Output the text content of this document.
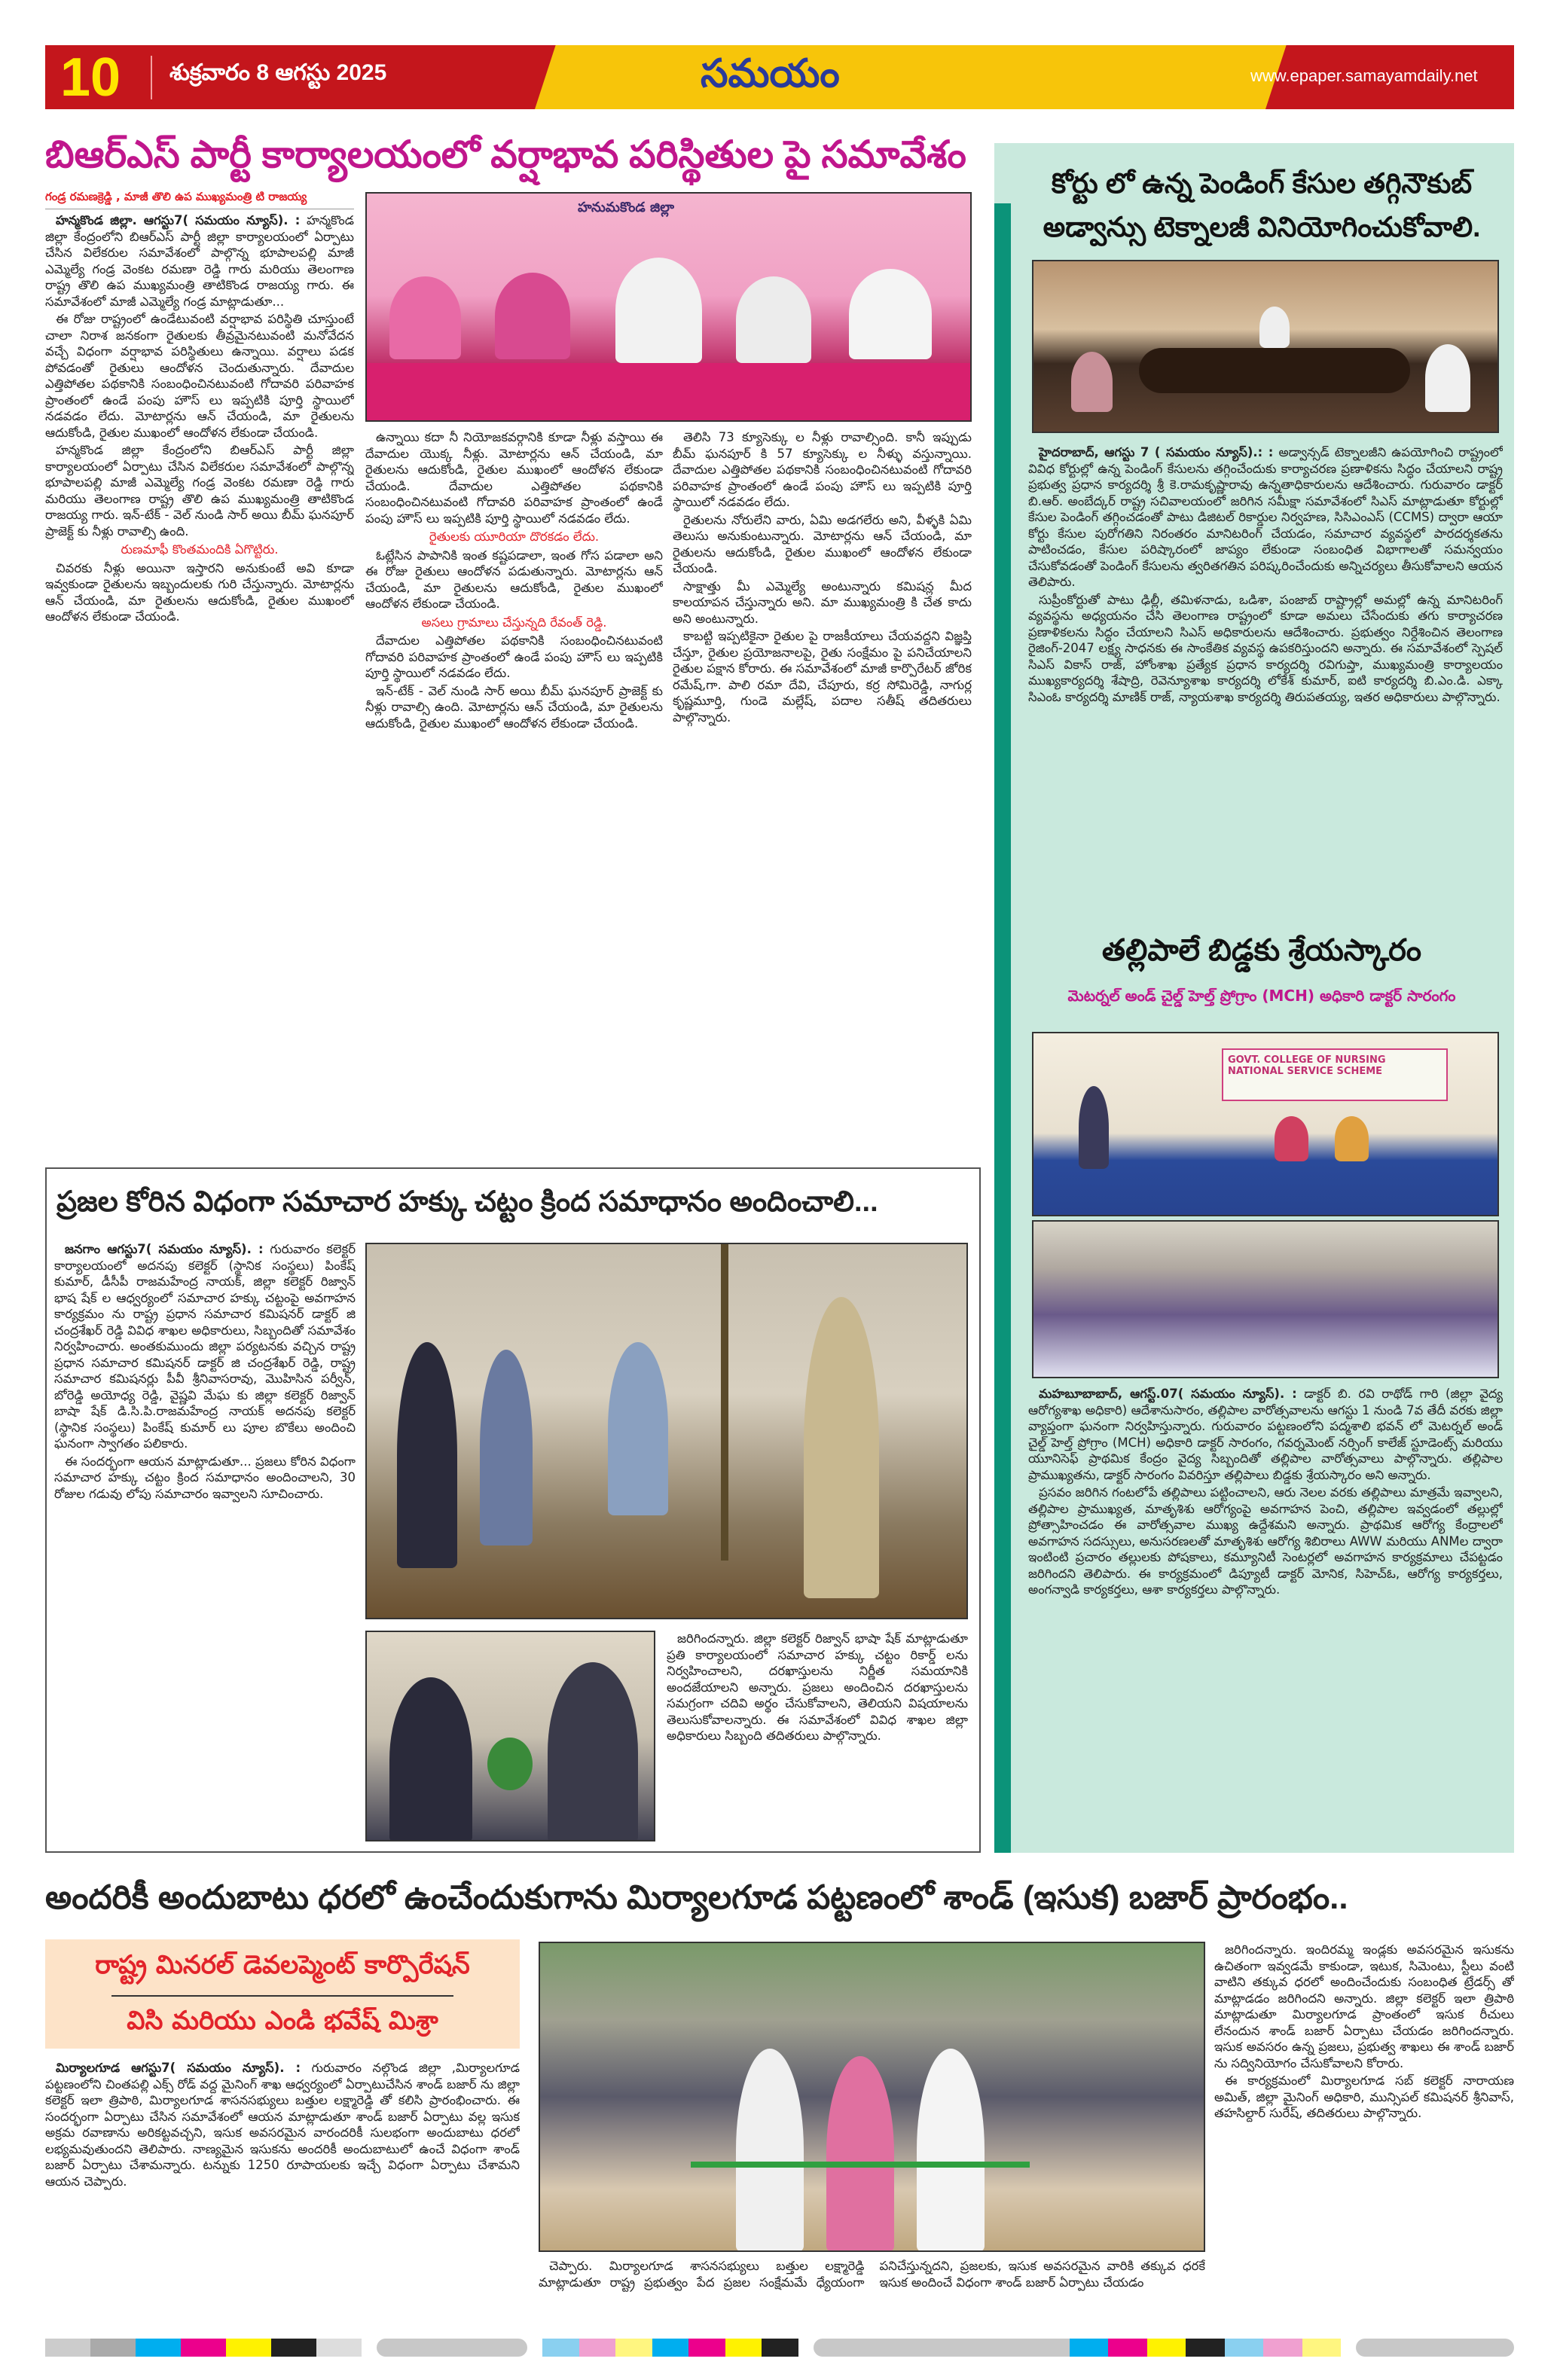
10 శుక్రవారం 8 ఆగస్టు 2025	సమయం	www.epaper.samayamdaily.net
బిఆర్ఎస్ పార్టీ కార్యాలయంలో వర్షాభావ పరిస్థితుల పై సమావేశం
గండ్ర రమణక్రెడ్డి , మాజీ తొలి ఉప ముఖ్యమంత్రి టి రాజయ్య

హన్మకొండ జిల్లా. ఆగస్టు7( సమయం న్యూస్). : హన్మకొండ జిల్లా కేంద్రంలోని బిఆర్ఎస్ పార్టీ జిల్లా కార్యాలయంలో ఏర్పాటు చేసిన విలేకరుల సమావేశంలో పాల్గొన్న భూపాలపల్లి మాజీ ఎమ్మెల్యే గండ్ర వెంకట రమణా రెడ్డి గారు మరియు తెలంగాణ రాష్ట్ర తొలి ఉప ముఖ్యమంత్రి తాటికొండ రాజయ్య గారు. ఈ సమావేశంలో మాజీ ఎమ్మెల్యే గండ్ర మాట్లాడుతూ...

ఈ రోజు రాష్ట్రంలో ఉండేటువంటి వర్షాభావ పరిస్థితి చూస్తుంటే చాలా నిరాశ జనకంగా రైతులకు తీవ్రమైనటువంటి మనోవేదన వచ్చే విధంగా వర్షాభావ పరిస్థితులు ఉన్నాయి. వర్షాలు పడక పోవడంతో రైతులు ఆందోళన చెందుతున్నారు. దేవాదుల ఎత్తిపోతల పథకానికి సంబంధించినటువంటి గోదావరి పరివాహక ప్రాంతంలో ఉండే పంపు హౌస్ లు ఇప్పటికి పూర్తి స్థాయిలో నడవడం లేదు. మోటార్లను ఆన్ చేయండి, మా రైతులను ఆదుకోండి, రైతుల ముఖంలో ఆందోళన లేకుండా చేయండి.

హన్మకొండ జిల్లా కేంద్రంలోని బిఆర్ఎస్ పార్టీ జిల్లా కార్యాలయంలో ఏర్పాటు చేసిన విలేకరుల సమావేశంలో పాల్గొన్న భూపాలపల్లి మాజీ ఎమ్మెల్యే గండ్ర వెంకట రమణా రెడ్డి గారు మరియు తెలంగాణ రాష్ట్ర తొలి ఉప ముఖ్యమంత్రి తాటికొండ రాజయ్య గారు. ఇన్-టేక్ - వెల్ నుండి సార్ అయి బీమ్ ఘనపూర్ ప్రాజెక్ట్ కు నీళ్లు రావాల్సి ఉంది.

రుణమాఫీ కొంతమందికి ఏగొట్టిరు.

చివరకు నీళ్లు అయినా ఇస్తారని అనుకుంటే అవి కూడా ఇవ్వకుండా రైతులను ఇబ్బందులకు గురి చేస్తున్నారు. మోటార్లను ఆన్ చేయండి, మా రైతులను ఆదుకోండి, రైతుల ముఖంలో ఆందోళన లేకుండా చేయండి.

హనుమకొండ జిల్లా

ఉన్నాయి కదా నీ నియోజకవర్గానికి కూడా నీళ్లు వస్తాయి ఈ దేవాదుల యొక్క నీళ్లు. మోటార్లను ఆన్ చేయండి, మా రైతులను ఆదుకోండి, రైతుల ముఖంలో ఆందోళన లేకుండా చేయండి. దేవాదుల ఎత్తిపోతల పథకానికి సంబంధించినటువంటి గోదావరి పరివాహక ప్రాంతంలో ఉండే పంపు హౌస్ లు ఇప్పటికి పూర్తి స్థాయిలో నడవడం లేదు.

రైతులకు యూరియా దొరకడం లేదు.

ఓట్లేసిన పాపానికి ఇంత కష్టపడాలా, ఇంత గోస పడాలా అని ఈ రోజు రైతులు ఆందోళన పడుతున్నారు. మోటార్లను ఆన్ చేయండి, మా రైతులను ఆదుకోండి, రైతుల ముఖంలో ఆందోళన లేకుండా చేయండి.

అసలు గ్రామాలు చేస్తున్నది రేవంత్ రెడ్డి.

దేవాదుల ఎత్తిపోతల పథకానికి సంబంధించినటువంటి గోదావరి పరివాహక ప్రాంతంలో ఉండే పంపు హౌస్ లు ఇప్పటికి పూర్తి స్థాయిలో నడవడం లేదు.

ఇన్-టేక్ - వెల్ నుండి సార్ అయి బీమ్ ఘనపూర్ ప్రాజెక్ట్ కు నీళ్లు రావాల్సి ఉంది. మోటార్లను ఆన్ చేయండి, మా రైతులను ఆదుకోండి, రైతుల ముఖంలో ఆందోళన లేకుండా చేయండి.

తెలిసి 73 క్యూసెక్కు ల నీళ్లు రావాల్సింది. కానీ ఇప్పుడు బీమ్ ఘనపూర్ కి 57 క్యూసెక్కు ల నీళ్ళు వస్తున్నాయి. దేవాదుల ఎత్తిపోతల పథకానికి సంబంధించినటువంటి గోదావరి పరివాహక ప్రాంతంలో ఉండే పంపు హౌస్ లు ఇప్పటికి పూర్తి స్థాయిలో నడవడం లేదు.

రైతులను నోరులేని వారు, ఏమి అడగలేరు అని, వీళ్ళకి ఏమి తెలుసు అనుకుంటున్నారు. మోటార్లను ఆన్ చేయండి, మా రైతులను ఆదుకోండి, రైతుల ముఖంలో ఆందోళన లేకుండా చేయండి.

సాక్షాత్తు మీ ఎమ్మెల్యే అంటున్నారు కమిషన్ల మీద కాలయాపన చేస్తున్నారు అని. మా ముఖ్యమంత్రి కి చేత కాదు అని అంటున్నారు.

కాబట్టి ఇప్పటికైనా రైతుల పై రాజకీయాలు చేయవద్దని విజ్ఞప్తి చేస్తూ, రైతుల ప్రయోజనాలపై, రైతు సంక్షేమం పై పనిచేయాలని రైతుల పక్షాన కోరారు. ఈ సమావేశంలో మాజీ కార్పొరేటర్ జోరిక రమేష్,గా. పాలి రమా దేవి, చేపూరు, కర్ర సోమిరెడ్డి, నాగుర్ల కృష్ణమూర్తి, గుండె మల్లేష్, పదాల సతీష్ తదితరులు పాల్గొన్నారు.

కోర్టు లో ఉన్న పెండింగ్ కేసుల తగ్గినౌకుబ్
అడ్వాన్సు టెక్నాలజీ వినియోగించుకోవాలి.

హైదరాబాద్, ఆగస్టు 7 ( సమయం న్యూస్).: : అడ్వాన్సడ్ టెక్నాలజీని ఉపయోగించి రాష్ట్రంలో వివిధ కోర్టుల్లో ఉన్న పెండింగ్ కేసులను తగ్గించేందుకు కార్యాచరణ ప్రణాళికను సిద్ధం చేయాలని రాష్ట్ర ప్రభుత్వ ప్రధాన కార్యదర్శి శ్రీ కె.రామకృష్ణారావు ఉన్నతాధికారులను ఆదేశించారు. గురువారం డాక్టర్ బి.ఆర్. అంబేద్కర్ రాష్ట్ర సచివాలయంలో జరిగిన సమీక్షా సమావేశంలో సిఎస్ మాట్లాడుతూ కోర్టుల్లో కేసుల పెండింగ్ తగ్గించడంతో పాటు డిజిటల్ రికార్డుల నిర్వహణ, సిసిఎంఎస్ (CCMS) ద్వారా ఆయా కోర్టు కేసుల పురోగతిని నిరంతరం మానిటరింగ్ చేయడం, సమాచార వ్యవస్థలో పారదర్శకతను పాటించడం, కేసుల పరిష్కారంలో జాప్యం లేకుండా సంబంధిత విభాగాలతో సమన్వయం చేసుకోవడంతో పెండింగ్ కేసులను త్వరితగతిన పరిష్కరించేందుకు అన్నిచర్యలు తీసుకోవాలని ఆయన తెలిపారు.

సుప్రీంకోర్టుతో పాటు ఢిల్లీ, తమిళనాడు, ఒడిశా, పంజాబ్ రాష్ట్రాల్లో అమల్లో ఉన్న మానిటరింగ్ వ్యవస్థను అధ్యయనం చేసి తెలంగాణ రాష్ట్రంలో కూడా అమలు చేసేందుకు తగు కార్యాచరణ ప్రణాళికలను సిద్ధం చేయాలని సిఎస్ అధికారులను ఆదేశించారు. ప్రభుత్వం నిర్దేశించిన తెలంగాణ రైజింగ్-2047 లక్ష్య సాధనకు ఈ సాంకేతిక వ్యవస్థ ఉపకరిస్తుందని అన్నారు. ఈ సమావేశంలో స్పెషల్ సిఎస్ వికాస్ రాజ్, హోంశాఖ ప్రత్యేక ప్రధాన కార్యదర్శి రవిగుప్తా, ముఖ్యమంత్రి కార్యాలయం ముఖ్యకార్యదర్శి శేషాద్రి, రెవెన్యూశాఖ కార్యదర్శి లోకేశ్ కుమార్, ఐటి కార్యదర్శి బి.ఎం.డి. ఎక్కా సిఎంఓ కార్యదర్శి మాణిక్ రాజ్, న్యాయశాఖ కార్యదర్శి తిరుపతయ్య, ఇతర అధికారులు పాల్గొన్నారు.

తల్లిపాలే బిడ్డకు శ్రేయస్కారం
మెటర్నల్ అండ్ చైల్డ్ హెల్త్ ప్రోగ్రాం (MCH) అధికారి డాక్టర్ సారంగం
GOVT. COLLEGE OF NURSING
NATIONAL SERVICE SCHEME

మహబూబాబాద్, ఆగస్ట్.07( సమయం న్యూస్). : డాక్టర్ బి. రవి రాథోడ్ గారి (జిల్లా వైద్య ఆరోగ్యశాఖ అధికారి) ఆదేశానుసారం, తల్లిపాల వారోత్సవాలను ఆగస్టు 1 నుండి 7వ తేదీ వరకు జిల్లా వ్యాప్తంగా ఘనంగా నిర్వహిస్తున్నారు. గురువారం పట్టణంలోని పద్మశాలి భవన్ లో మెటర్నల్ అండ్ చైల్డ్ హెల్త్ ప్రోగ్రాం (MCH) అధికారి డాక్టర్ సారంగం, గవర్నమెంట్ నర్సింగ్ కాలేజ్ స్టూడెంట్స్ మరియు యూనిసెఫ్ ప్రాథమిక కేంద్రం వైద్య సిబ్బందితో తల్లిపాల వారోత్సవాలు పాల్గొన్నారు. తల్లిపాల ప్రాముఖ్యతను, డాక్టర్ సారంగం వివరిస్తూ తల్లిపాలు బిడ్డకు శ్రేయస్కారం అని అన్నారు.

ప్రసవం జరిగిన గంటలోపే తల్లిపాలు పట్టించాలని, ఆరు నెలల వరకు తల్లిపాలు మాత్రమే ఇవ్వాలని, తల్లిపాల ప్రాముఖ్యత, మాతృశిశు ఆరోగ్యంపై అవగాహన పెంచి, తల్లిపాల ఇవ్వడంలో తల్లుల్లో ప్రోత్సాహించడం ఈ వారోత్సవాల ముఖ్య ఉద్దేశమని అన్నారు. ప్రాథమిక ఆరోగ్య కేంద్రాలలో అవగాహన సదస్సులు, అనుసరణలతో మాతృశిశు ఆరోగ్య శిబిరాలు AWW మరియు ANMల ద్వారా ఇంటింటి ప్రచారం తల్లులకు పోషకాలు, కమ్యూనిటీ సెంటర్లలో అవగాహన కార్యక్రమాలు చేపట్టడం జరిగిందని తెలిపారు. ఈ కార్యక్రమంలో డిప్యూటీ డాక్టర్ మోనిక, సిహెచ్ఓ, ఆరోగ్య కార్యకర్తలు, అంగన్వాడి కార్యకర్తలు, ఆశా కార్యకర్తలు పాల్గొన్నారు.

ప్రజల కోరిన విధంగా సమాచార హక్కు చట్టం క్రింద సమాధానం అందించాలి...

జనగాం ఆగస్టు7( సమయం న్యూస్). : గురువారం కలెక్టర్ కార్యాలయంలో అదనపు కలెక్టర్ (స్థానిక సంస్థలు) పింకేష్ కుమార్, డీసీపీ రాజమహేంద్ర నాయక్, జిల్లా కలెక్టర్ రిజ్వాన్ భాష షేక్ ల ఆధ్వర్యంలో సమాచార హక్కు చట్టంపై అవగాహన కార్యక్రమం ను రాష్ట్ర ప్రధాన సమాచార కమిషనర్ డాక్టర్ జి చంద్రశేఖర్ రెడ్డి వివిధ శాఖల అధికారులు, సిబ్బందితో సమావేశం నిర్వహించారు. అంతకుముందు జిల్లా పర్యటనకు వచ్చిన రాష్ట్ర ప్రధాన సమాచార కమిషనర్ డాక్టర్ జి చంద్రశేఖర్ రెడ్డి, రాష్ట్ర సమాచార కమిషనర్లు పీవీ శ్రీనివాసరావు, మొహిసిన పర్వీన్, బోరెడ్డి అయోధ్య రెడ్డి, వైష్ణవి మేఘ కు జిల్లా కలెక్టర్ రిజ్వాన్ బాషా షేక్ డి.సి.పి.రాజమహేంద్ర నాయక్ అదనపు కలెక్టర్ (స్థానిక సంస్థలు) పింకేష్ కుమార్ లు పూల బొకేలు అందించి ఘనంగా స్వాగతం పలికారు.

ఈ సందర్భంగా ఆయన మాట్లాడుతూ... ప్రజలు కోరిన విధంగా సమాచార హక్కు చట్టం క్రింద సమాధానం అందించాలని, 30 రోజుల గడువు లోపు సమాచారం ఇవ్వాలని సూచించారు.

జరిగిందన్నారు. జిల్లా కలెక్టర్ రిజ్వాన్ భాషా షేక్ మాట్లాడుతూ ప్రతి కార్యాలయంలో సమాచార హక్కు చట్టం రికార్డ్ లను నిర్వహించాలని, దరఖాస్తులను నిర్ణీత సమయానికి అందజేయాలని అన్నారు. ప్రజలు అందించిన దరఖాస్తులను సమగ్రంగా చదివి అర్థం చేసుకోవాలని, తెలియని విషయాలను తెలుసుకోవాలన్నారు. ఈ సమావేశంలో వివిధ శాఖల జిల్లా అధికారులు సిబ్బంది తదితరులు పాల్గొన్నారు.

అందరికీ అందుబాటు ధరలో ఉంచేందుకుగాను మిర్యాలగూడ పట్టణంలో శాండ్ (ఇసుక) బజార్ ప్రారంభం..
రాష్ట్ర మినరల్ డెవలప్మెంట్ కార్పొరేషన్
విసి మరియు ఎండి భవేష్ మిశ్రా

మిర్యాలగూడ ఆగస్టు7( సమయం న్యూస్). : గురువారం నల్గొండ జిల్లా ,మిర్యాలగూడ పట్టణంలోని చింతపల్లి ఎక్స్ రోడ్ వద్ద మైనింగ్ శాఖ ఆధ్వర్యంలో ఏర్పాటుచేసిన శాండ్ బజార్ ను జిల్లా కలెక్టర్ ఇలా త్రిపాఠి, మిర్యాలగూడ శాసనసభ్యులు బత్తుల లక్ష్మారెడ్డి తో కలిసి ప్రారంభించారు. ఈ సందర్భంగా ఏర్పాటు చేసిన సమావేశంలో ఆయన మాట్లాడుతూ శాండ్ బజార్ ఏర్పాటు వల్ల ఇసుక అక్రమ రవాణాను అరికట్టవచ్చని, ఇసుక అవసరమైన వారందరికీ సులభంగా అందుబాటు ధరలో లభ్యమవుతుందని తెలిపారు. నాణ్యమైన ఇసుకను అందరికీ అందుబాటులో ఉంచే విధంగా శాండ్ బజార్ ఏర్పాటు చేశామన్నారు. టన్నుకు 1250 రూపాయలకు ఇచ్చే విధంగా ఏర్పాటు చేశామని ఆయన చెప్పారు.

చెప్పారు. మిర్యాలగూడ శాసనసభ్యులు బత్తుల లక్ష్మారెడ్డి మాట్లాడుతూ రాష్ట్ర ప్రభుత్వం పేద ప్రజల సంక్షేమమే ధ్యేయంగా పనిచేస్తున్నదని, ప్రజలకు, ఇసుక అవసరమైన వారికి తక్కువ ధరకే ఇసుక అందించే విధంగా శాండ్ బజార్ ఏర్పాటు చేయడం

జరిగిందన్నారు. ఇందిరమ్మ ఇండ్లకు అవసరమైన ఇసుకను ఉచితంగా ఇవ్వడమే కాకుండా, ఇటుక, సిమెంటు, స్టీలు వంటి వాటిని తక్కువ ధరలో అందించేందుకు సంబంధిత ట్రేడర్స్ తో మాట్లాడడం జరిగిందని అన్నారు. జిల్లా కలెక్టర్ ఇలా త్రిపాఠి మాట్లాడుతూ మిర్యాలగూడ ప్రాంతంలో ఇసుక రీచులు లేనందున శాండ్ బజార్ ఏర్పాటు చేయడం జరిగిందన్నారు. ఇసుక అవసరం ఉన్న ప్రజలు, ప్రభుత్వ శాఖలు ఈ శాండ్ బజార్ ను సద్వినియోగం చేసుకోవాలని కోరారు.

ఈ కార్యక్రమంలో మిర్యాలగూడ సబ్ కలెక్టర్ నారాయణ అమిత్, జిల్లా మైనింగ్ అధికారి, మున్సిపల్ కమిషనర్ శ్రీనివాస్, తహసిల్దార్ సురేష్, తదితరులు పాల్గొన్నారు.
